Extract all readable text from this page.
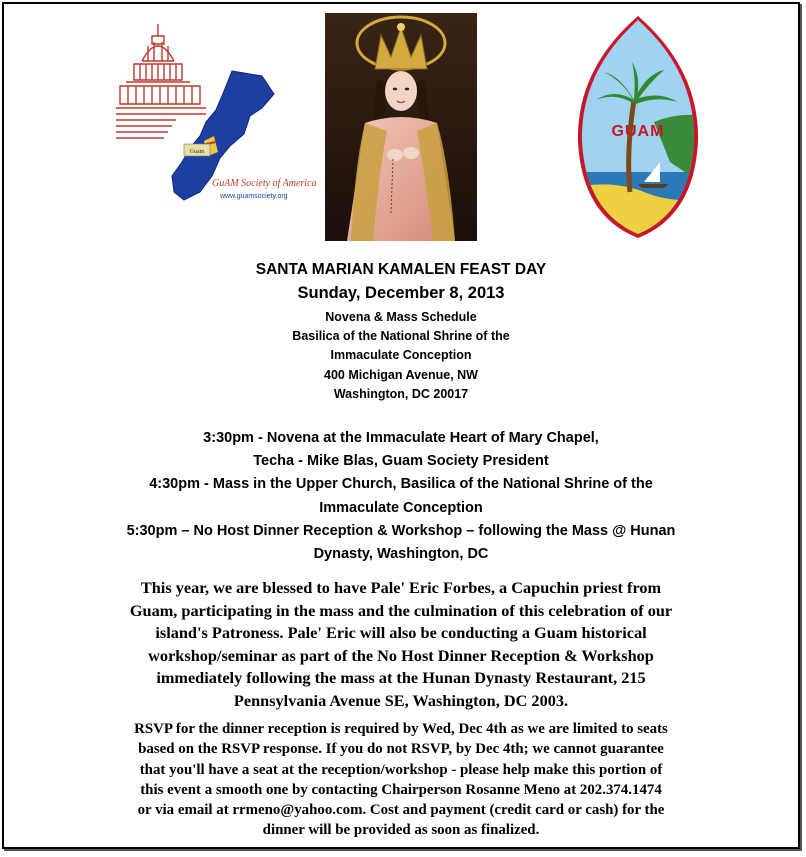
Guam
GuAM Society of America
www.guamsociety.org
GUAM
SANTA MARIAN KAMALEN FEAST DAY
Sunday, December 8, 2013
Novena & Mass Schedule
Basilica of the National Shrine of the
Immaculate Conception
400 Michigan Avenue, NW
Washington, DC 20017
3:30pm - Novena at the Immaculate Heart of Mary Chapel,
Techa - Mike Blas, Guam Society President
4:30pm - Mass in the Upper Church, Basilica of the National Shrine of the
Immaculate Conception
5:30pm – No Host Dinner Reception & Workshop – following the Mass @ Hunan
Dynasty, Washington, DC
This year, we are blessed to have Pale' Eric Forbes, a Capuchin priest from
Guam, participating in the mass and the culmination of this celebration of our
island's Patroness. Pale' Eric will also be conducting a Guam historical
workshop/seminar as part of the No Host Dinner Reception & Workshop
immediately following the mass at the Hunan Dynasty Restaurant, 215
Pennsylvania Avenue SE, Washington, DC 2003.
RSVP for the dinner reception is required by Wed, Dec 4th as we are limited to seats
based on the RSVP response. If you do not RSVP, by Dec 4th; we cannot guarantee
that you'll have a seat at the reception/workshop - please help make this portion of
this event a smooth one by contacting Chairperson Rosanne Meno at 202.374.1474
or via email at rrmeno@yahoo.com. Cost and payment (credit card or cash) for the
dinner will be provided as soon as finalized.
